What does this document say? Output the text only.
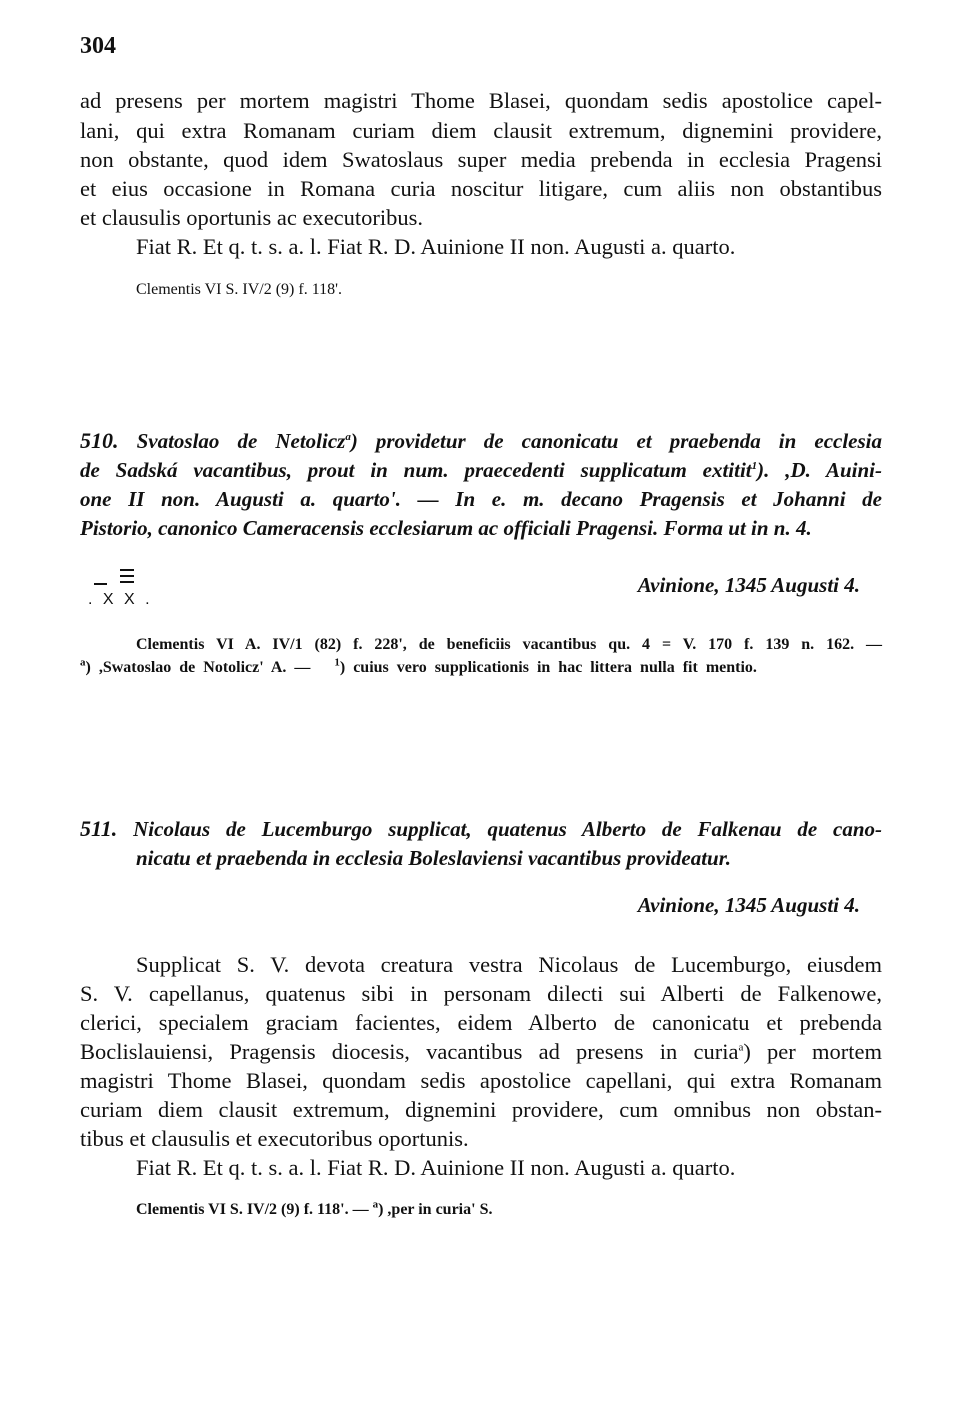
304

ad presens per mortem magistri Thome Blasei, quondam sedis apostolice capel-

lani, qui extra Romanam curiam diem clausit extremum, dignemini providere,

non obstante, quod idem Swatoslaus super media prebenda in ecclesia Pragensi

et eius occasione in Romana curia noscitur litigare, cum aliis non obstantibus

et clausulis oportunis ac executoribus.

Fiat R. Et q. t. s. a. l. Fiat R. D. Auinione II non. Augusti a. quarto.

Clementis VI S. IV/2 (9) f. 118'.

510. Svatoslao de Netolicz$^a$) providetur de canonicatu et praebenda in ecclesia

de Sadská vacantibus, prout in num. praecedenti supplicatum extitit$^1$). ,D. Auini-

one II non. Augusti a. quarto'. — In e. m. decano Pragensis et Johanni de

Pistorio, canonico Cameracensis ecclesiarum ac officiali Pragensi. Forma ut in n. 4.

. X X .

Avinione, 1345 Augusti 4.

Clementis VI A. IV/1 (82) f. 228', de beneficiis vacantibus qu. 4 = V. 170 f. 139 n. 162. —

$^a$) ,Swatoslao de Notolicz' A. — $^1$) cuius vero supplicationis in hac littera nulla fit mentio.

511. Nicolaus de Lucemburgo supplicat, quatenus Alberto de Falkenau de cano-

nicatu et praebenda in ecclesia Boleslaviensi vacantibus provideatur.

Avinione, 1345 Augusti 4.

Supplicat S. V. devota creatura vestra Nicolaus de Lucemburgo, eiusdem

S. V. capellanus, quatenus sibi in personam dilecti sui Alberti de Falkenowe,

clerici, specialem graciam facientes, eidem Alberto de canonicatu et prebenda

Boclislauiensi, Pragensis diocesis, vacantibus ad presens in curia$^a$) per mortem

magistri Thome Blasei, quondam sedis apostolice capellani, qui extra Romanam

curiam diem clausit extremum, dignemini providere, cum omnibus non obstan-

tibus et clausulis et executoribus oportunis.

Fiat R. Et q. t. s. a. l. Fiat R. D. Auinione II non. Augusti a. quarto.

Clementis VI S. IV/2 (9) f. 118'. — $^a$) ,per in curia' S.
